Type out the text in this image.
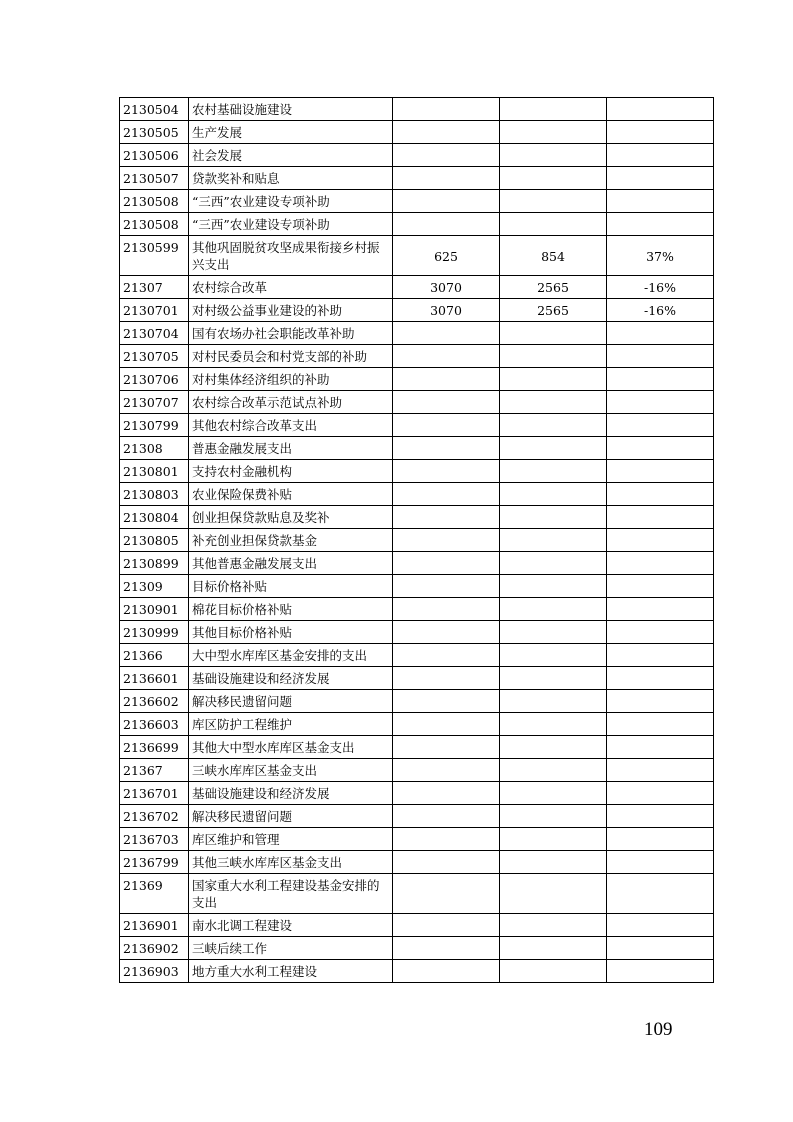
2130504	农村基础设施建设			
2130505	生产发展			
2130506	社会发展			
2130507	贷款奖补和贴息			
2130508	“三西”农业建设专项补助			
2130508	“三西”农业建设专项补助			
2130599	其他巩固脱贫攻坚成果衔接乡村振兴支出	625	854	37%
21307	农村综合改革	3070	2565	-16%
2130701	对村级公益事业建设的补助	3070	2565	-16%
2130704	国有农场办社会职能改革补助			
2130705	对村民委员会和村党支部的补助			
2130706	对村集体经济组织的补助			
2130707	农村综合改革示范试点补助			
2130799	其他农村综合改革支出			
21308	普惠金融发展支出			
2130801	支持农村金融机构			
2130803	农业保险保费补贴			
2130804	创业担保贷款贴息及奖补			
2130805	补充创业担保贷款基金			
2130899	其他普惠金融发展支出			
21309	目标价格补贴			
2130901	棉花目标价格补贴			
2130999	其他目标价格补贴			
21366	大中型水库库区基金安排的支出			
2136601	基础设施建设和经济发展			
2136602	解决移民遗留问题			
2136603	库区防护工程维护			
2136699	其他大中型水库库区基金支出			
21367	三峡水库库区基金支出			
2136701	基础设施建设和经济发展			
2136702	解决移民遗留问题			
2136703	库区维护和管理			
2136799	其他三峡水库库区基金支出			
21369	国家重大水利工程建设基金安排的支出			
2136901	南水北调工程建设			
2136902	三峡后续工作			
2136903	地方重大水利工程建设			
109
